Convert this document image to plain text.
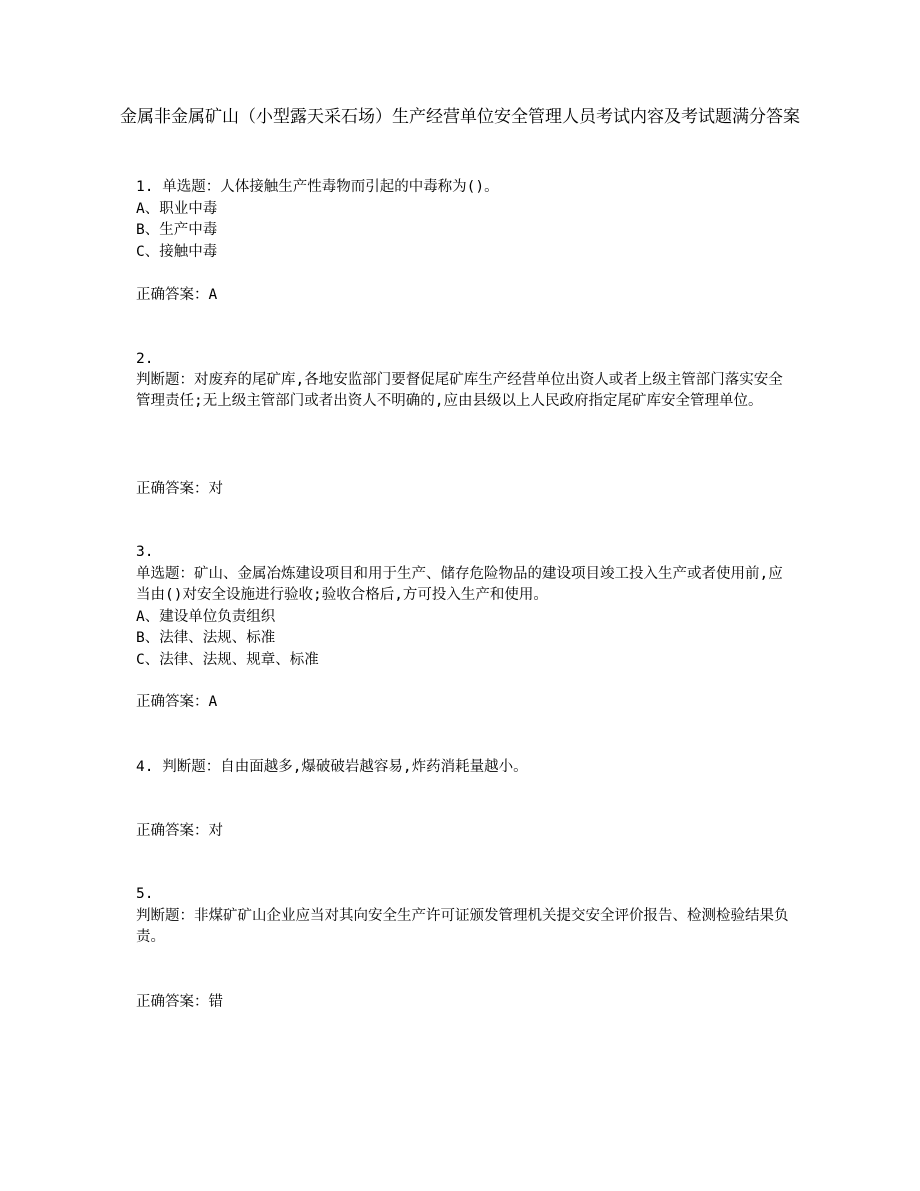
金属非金属矿山（小型露天采石场）生产经营单位安全管理人员考试内容及考试题满分答案
1. 单选题：人体接触生产性毒物而引起的中毒称为()。
A、职业中毒
B、生产中毒
C、接触中毒
正确答案：A
2.
判断题：对废弃的尾矿库,各地安监部门要督促尾矿库生产经营单位出资人或者上级主管部门落实安全管理责任;无上级主管部门或者出资人不明确的,应由县级以上人民政府指定尾矿库安全管理单位。
正确答案：对
3.
单选题：矿山、金属冶炼建设项目和用于生产、储存危险物品的建设项目竣工投入生产或者使用前,应当由()对安全设施进行验收;验收合格后,方可投入生产和使用。
A、建设单位负责组织
B、法律、法规、标准
C、法律、法规、规章、标准
正确答案：A
4. 判断题：自由面越多,爆破破岩越容易,炸药消耗量越小。
正确答案：对
5.
判断题：非煤矿矿山企业应当对其向安全生产许可证颁发管理机关提交安全评价报告、检测检验结果负责。
正确答案：错
